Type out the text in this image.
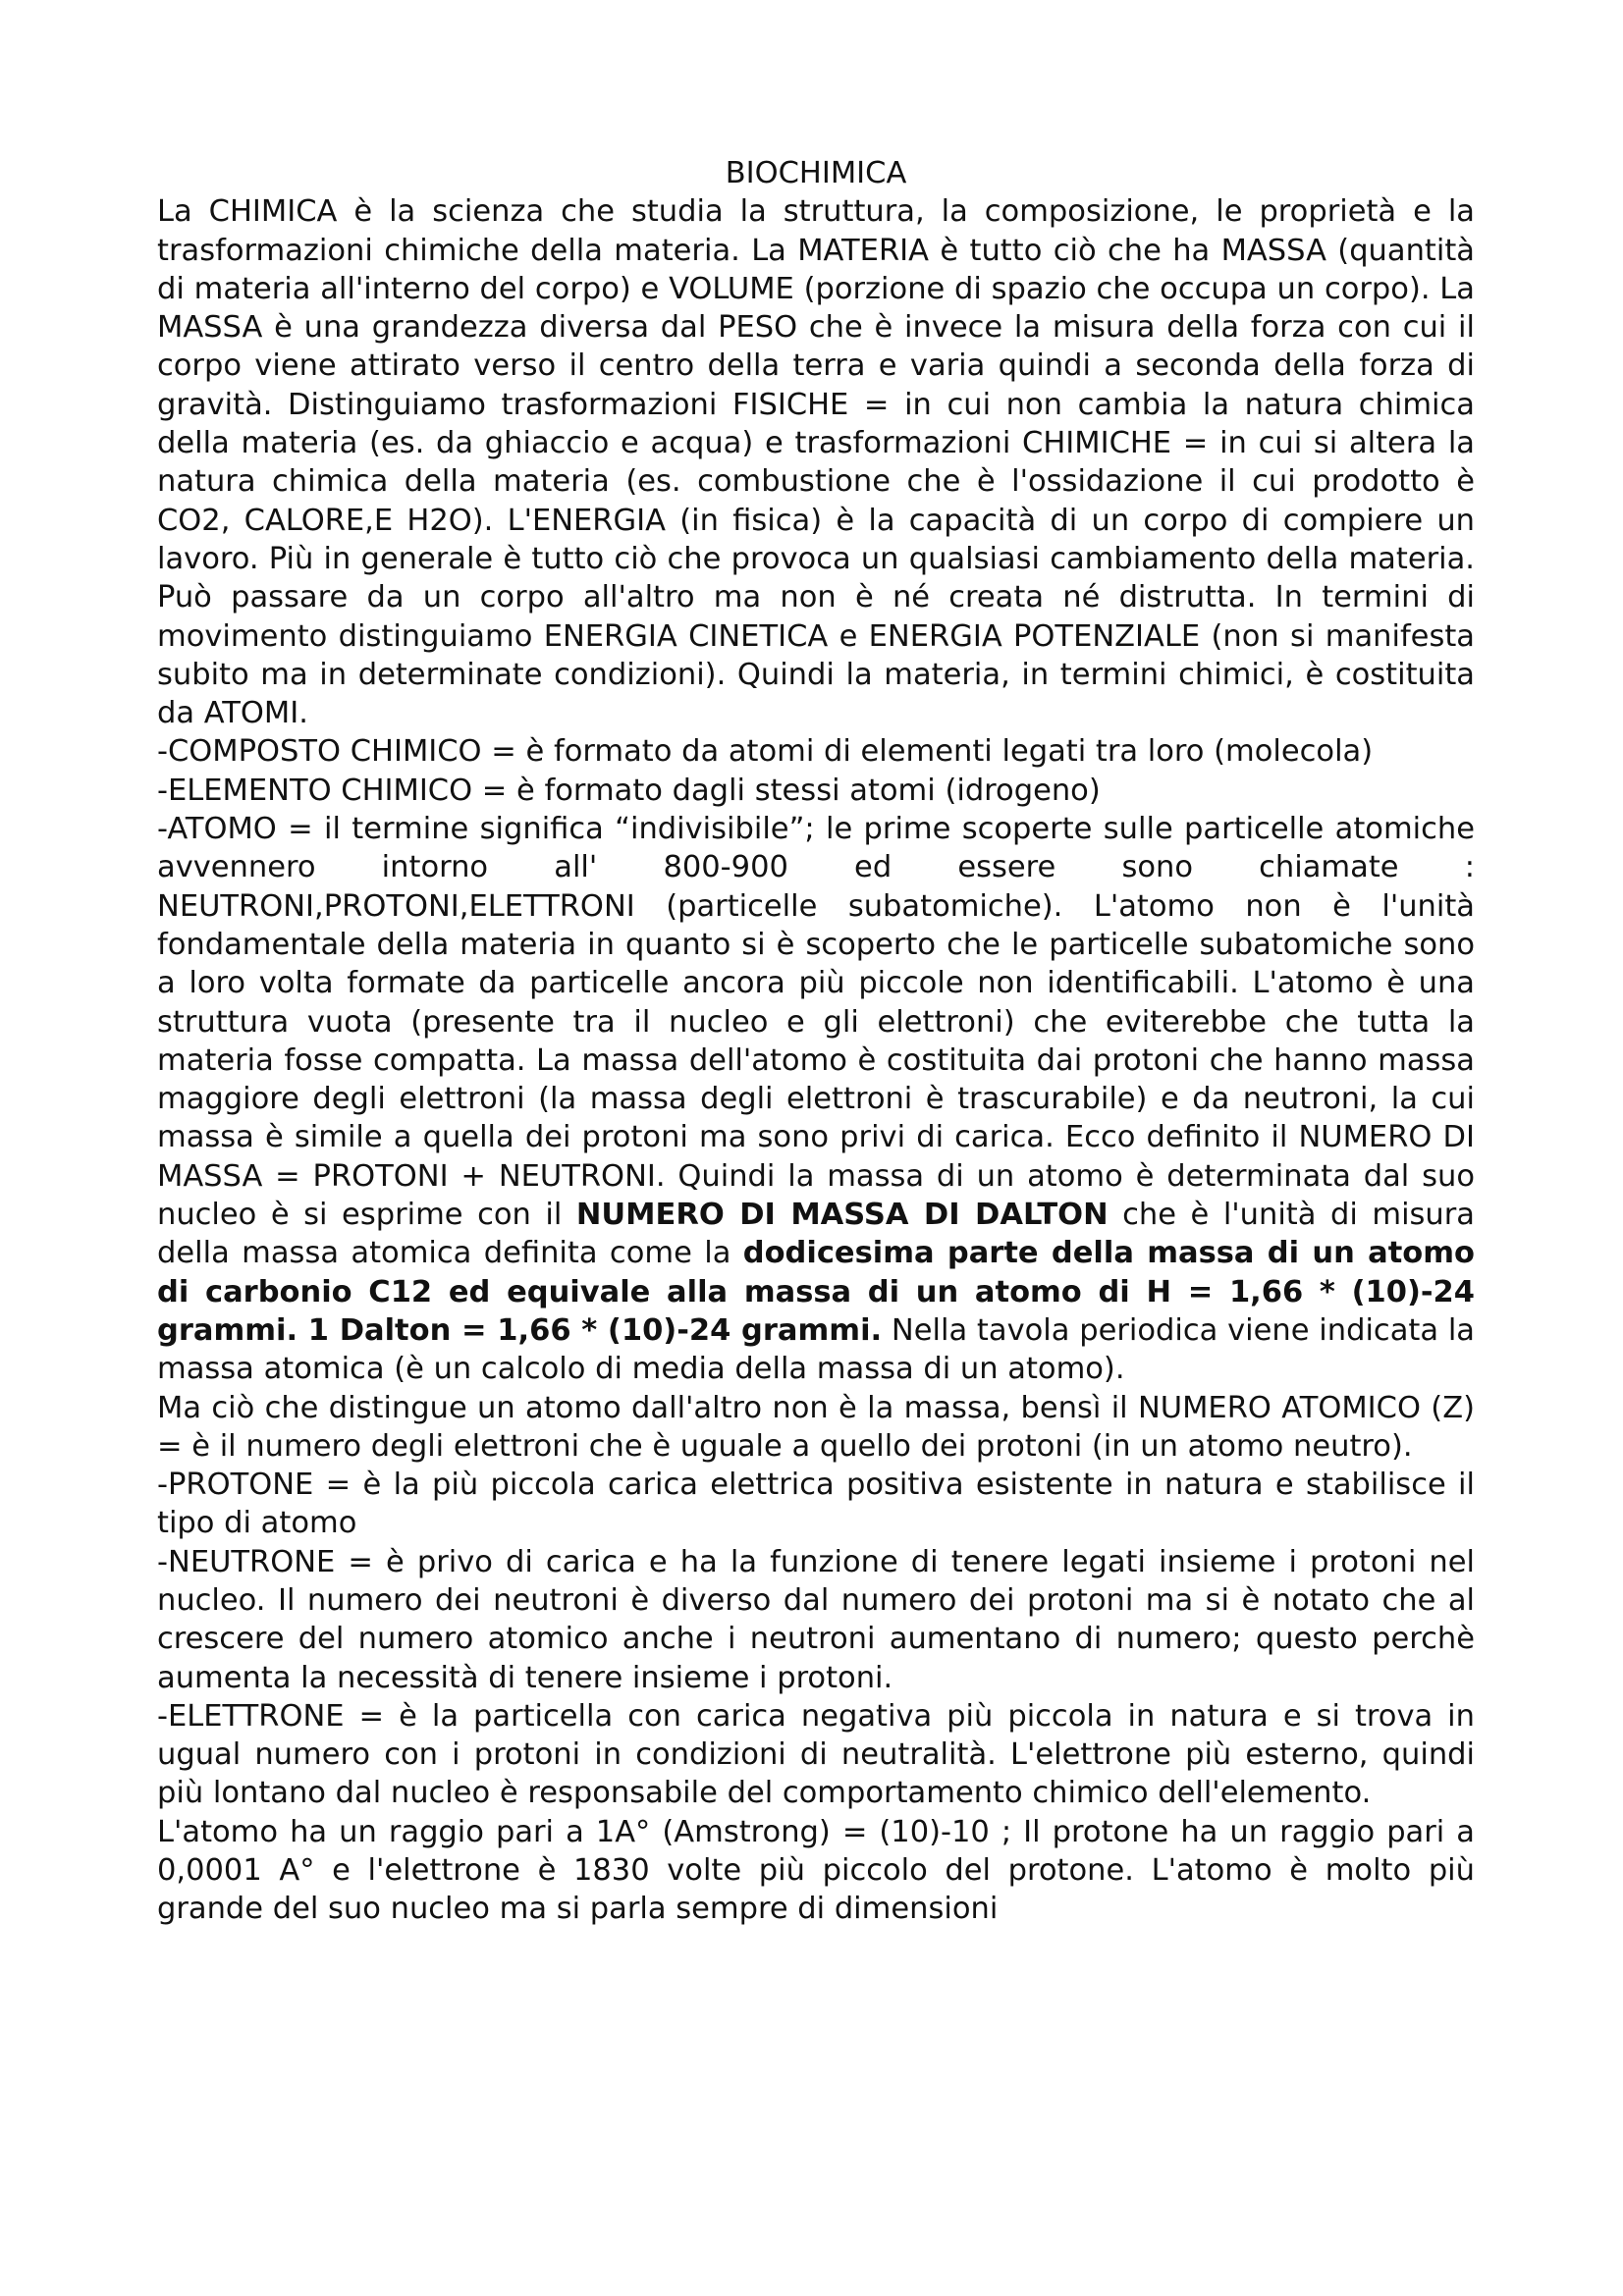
BIOCHIMICA
La CHIMICA è la scienza che studia la struttura, la composizione, le proprietà e la trasformazioni chimiche della materia. La MATERIA è tutto ciò che ha MASSA (quantità di materia all'interno del corpo) e VOLUME (porzione di spazio che occupa un corpo). La MASSA è una grandezza diversa dal PESO che è invece la misura della forza con cui il corpo viene attirato verso il centro della terra e varia quindi a seconda della forza di gravità. Distinguiamo trasformazioni FISICHE = in cui non cambia la natura chimica della materia (es. da ghiaccio e acqua) e trasformazioni CHIMICHE = in cui si altera la natura chimica della materia (es. combustione che è l'ossidazione il cui prodotto è CO2, CALORE,E H2O). L'ENERGIA (in fisica) è la capacità di un corpo di compiere un lavoro. Più in generale è tutto ciò che provoca un qualsiasi cambiamento della materia. Può passare da un corpo all'altro ma non è né creata né distrutta. In termini di movimento distinguiamo ENERGIA CINETICA e ENERGIA POTENZIALE (non si manifesta subito ma in determinate condizioni). Quindi la materia, in termini chimici, è costituita da ATOMI.
-COMPOSTO CHIMICO = è formato da atomi di elementi legati tra loro (molecola)
-ELEMENTO CHIMICO = è formato dagli stessi atomi (idrogeno)
-ATOMO = il termine significa “indivisibile”; le prime scoperte sulle particelle atomiche avvennero intorno all' 800-900 ed essere sono chiamate : NEUTRONI,PROTONI,ELETTRONI (particelle subatomiche). L'atomo non è l'unità fondamentale della materia in quanto si è scoperto che le particelle subatomiche sono a loro volta formate da particelle ancora più piccole non identificabili. L'atomo è una struttura vuota (presente tra il nucleo e gli elettroni) che eviterebbe che tutta la materia fosse compatta. La massa dell'atomo è costituita dai protoni che hanno massa maggiore degli elettroni (la massa degli elettroni è trascurabile) e da neutroni, la cui massa è simile a quella dei protoni ma sono privi di carica. Ecco definito il NUMERO DI MASSA = PROTONI + NEUTRONI. Quindi la massa di un atomo è determinata dal suo nucleo è si esprime con il NUMERO DI MASSA DI DALTON che è l'unità di misura della massa atomica definita come la dodicesima parte della massa di un atomo di carbonio C12 ed equivale alla massa di un atomo di H = 1,66 * (10)-24 grammi. 1 Dalton = 1,66 * (10)-24 grammi. Nella tavola periodica viene indicata la massa atomica (è un calcolo di media della massa di un atomo).
Ma ciò che distingue un atomo dall'altro non è la massa, bensì il NUMERO ATOMICO (Z) = è il numero degli elettroni che è uguale a quello dei protoni (in un atomo neutro).
-PROTONE = è la più piccola carica elettrica positiva esistente in natura e stabilisce il tipo di atomo
-NEUTRONE = è privo di carica e ha la funzione di tenere legati insieme i protoni nel nucleo. Il numero dei neutroni è diverso dal numero dei protoni ma si è notato che al crescere del numero atomico anche i neutroni aumentano di numero; questo perchè aumenta la necessità di tenere insieme i protoni.
-ELETTRONE = è la particella con carica negativa più piccola in natura e si trova in ugual numero con i protoni in condizioni di neutralità. L'elettrone più esterno, quindi più lontano dal nucleo è responsabile del comportamento chimico dell'elemento.
L'atomo ha un raggio pari a 1A° (Amstrong) = (10)-10 ; Il protone ha un raggio pari a 0,0001 A° e l'elettrone è 1830 volte più piccolo del protone. L'atomo è molto più grande del suo nucleo ma si parla sempre di dimensioni
